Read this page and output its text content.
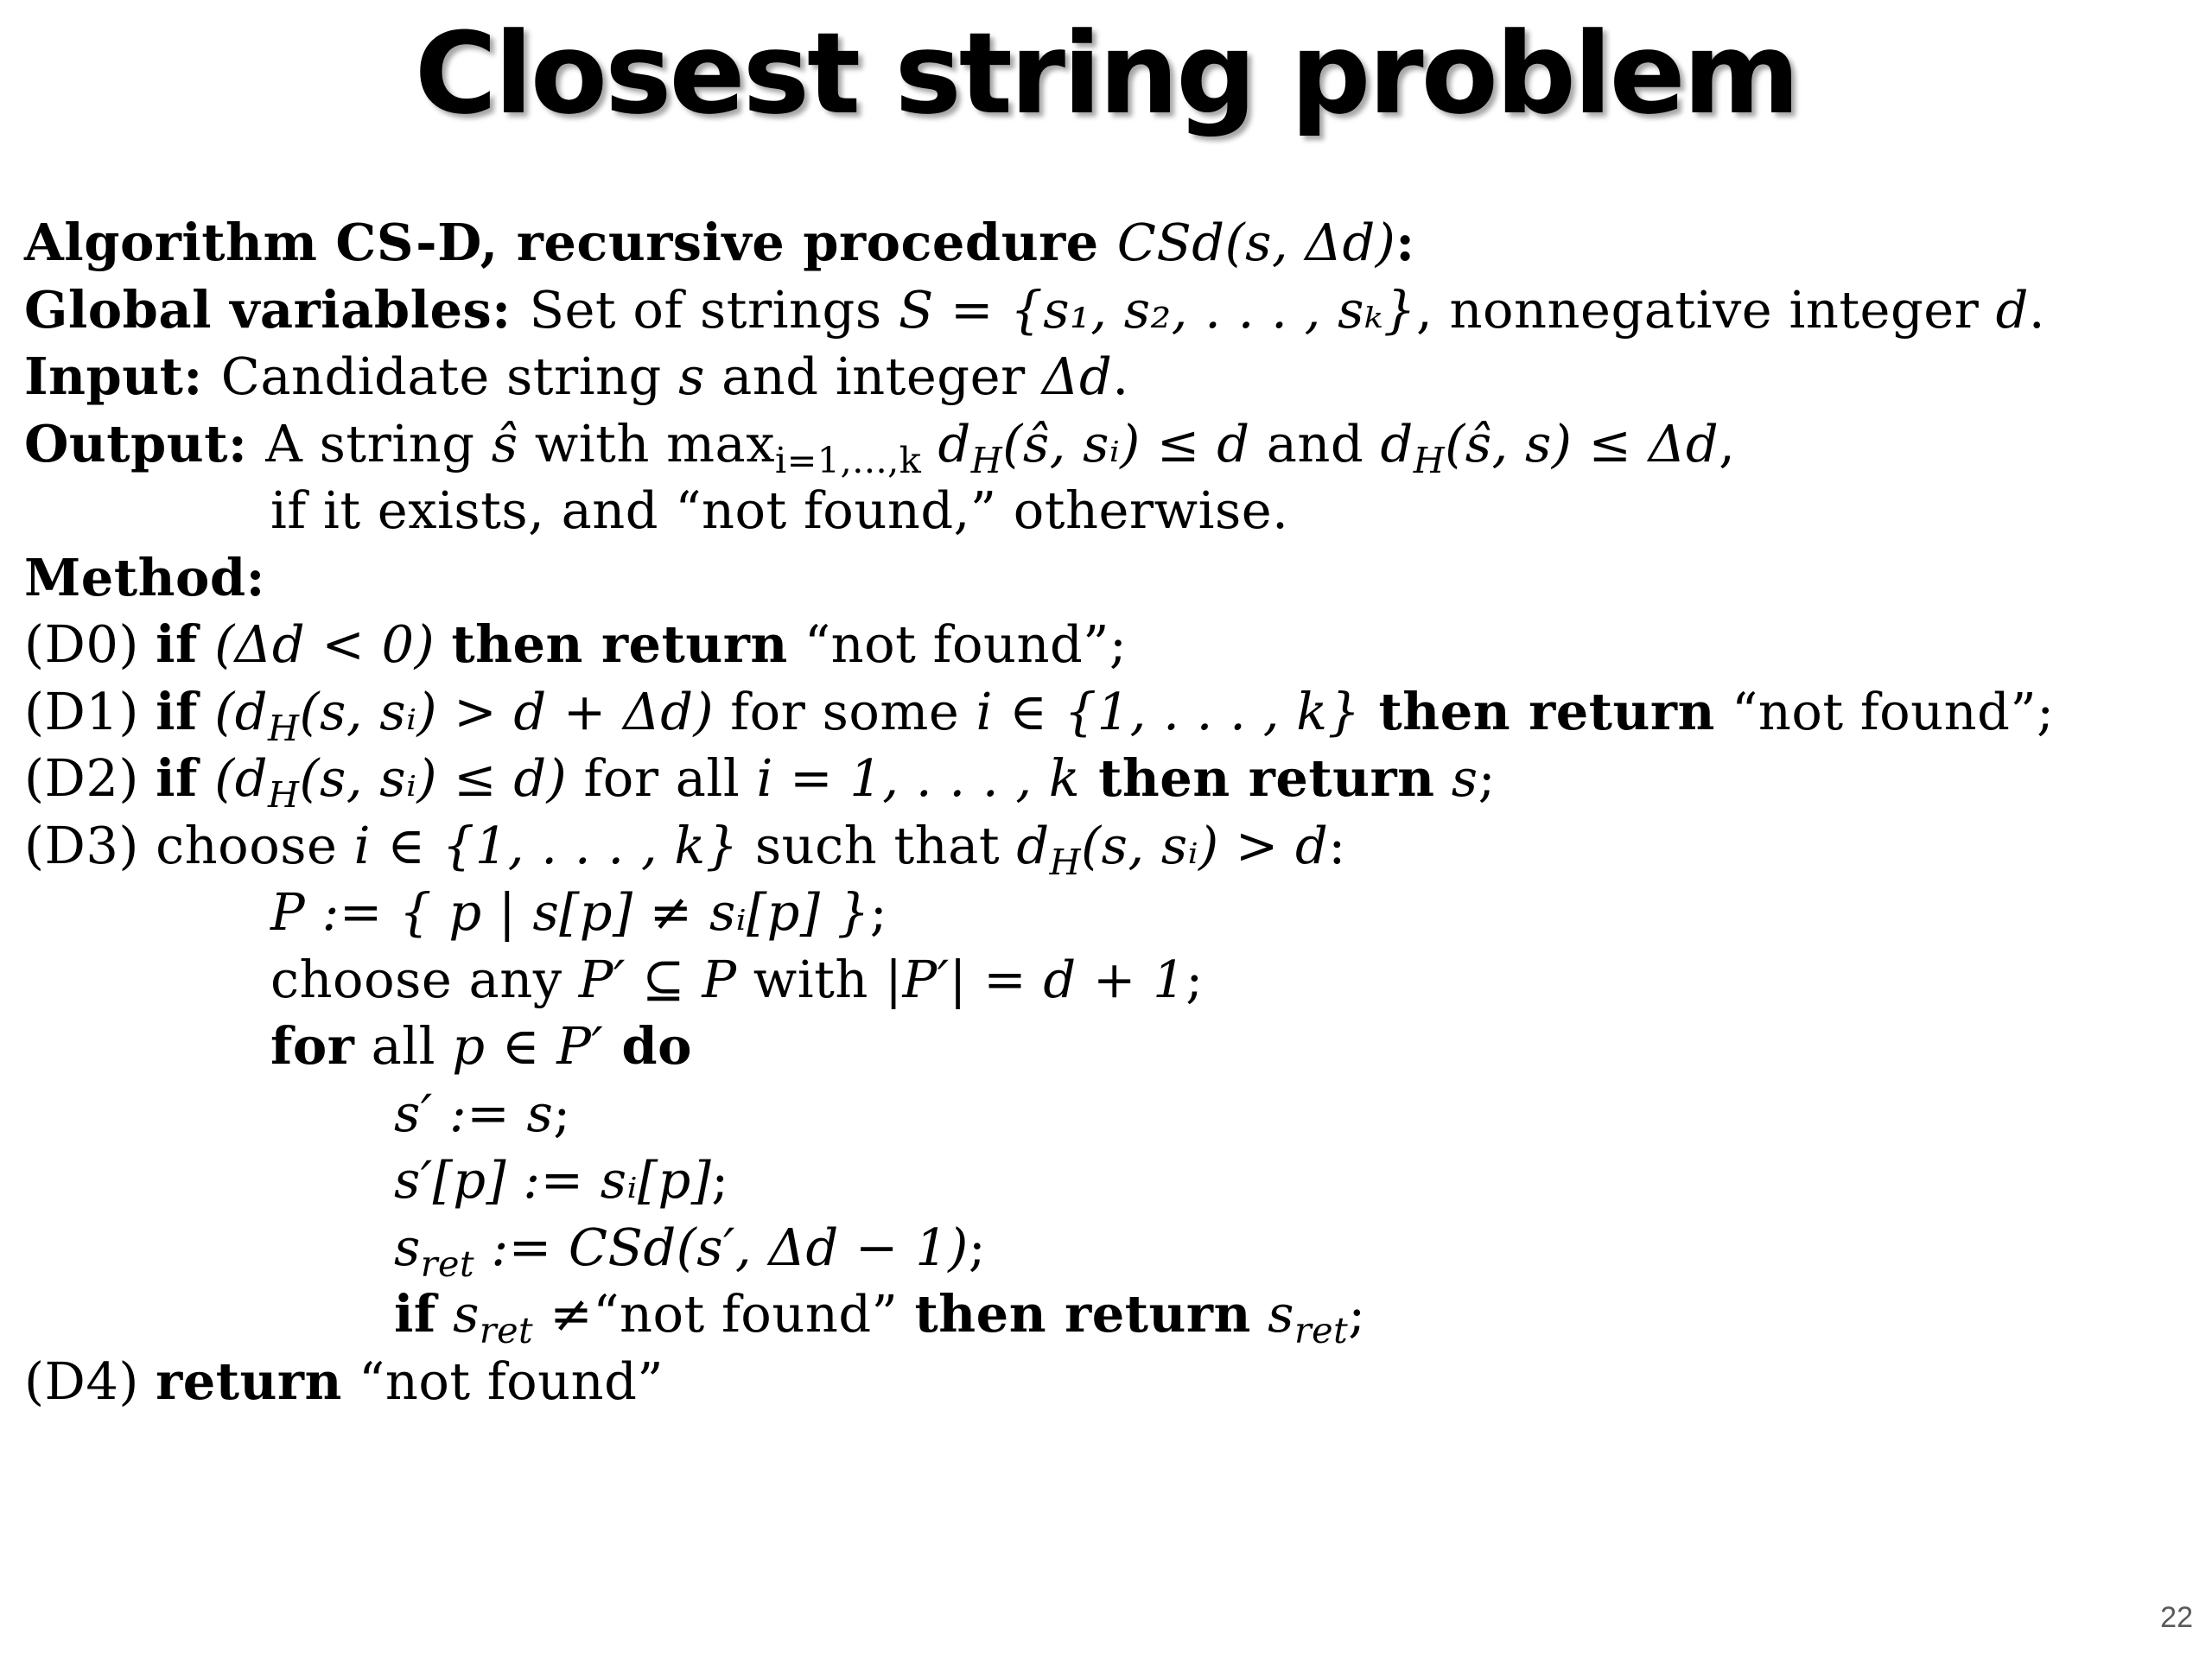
Closest string problem
Algorithm CS-D, recursive procedure CSd(s, Δd):
Global variables: Set of strings S = {s₁, s₂, . . . , sₖ}, nonnegative integer d.
Input: Candidate string s and integer Δd.
Output: A string ŝ with $\max_{i=1,...,k}$ $d_H(ŝ$, sᵢ) ≤ d and $d_H(ŝ$, s) ≤ Δd,
if it exists, and “not found,” otherwise.
Method:
(D0) if (Δd < 0) then return “not found”;
(D1) if ($d_H(s$, sᵢ) > d + Δd) for some i ∈ {1, . . . , k} then return “not found”;
(D2) if ($d_H(s$, sᵢ) ≤ d) for all i = 1, . . . , k then return s;
(D3) choose i ∈ {1, . . . , k} such that $d_H(s$, sᵢ) > d:
P := { p | s[p] ≠ sᵢ[p] };
choose any P′ ⊆ P with |P′| = d + 1;
for all p ∈ P′ do
s′ := s;
s′[p] := sᵢ[p];
$s_{ret}$ := CSd(s′, Δd − 1);
if $s_{ret}$ ≠“not found” then return $s_{ret}$;
(D4) return “not found”
22
